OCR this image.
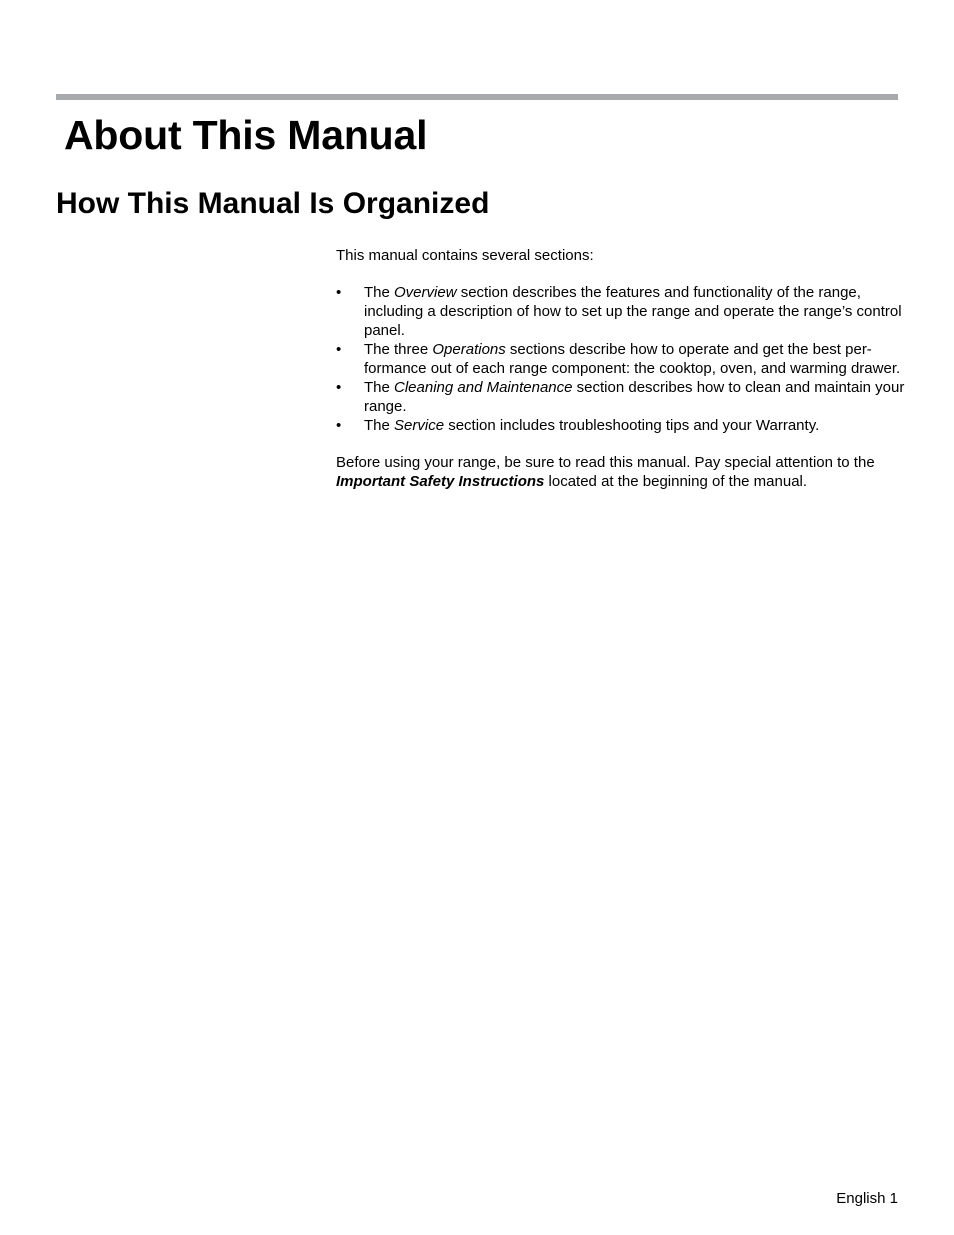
About This Manual
How This Manual Is Organized

This manual contains several sections:

• The Overview section describes the features and functionality of the range, including a description of how to set up the range and operate the range’s control panel.
• The three Operations sections describe how to operate and get the best per-formance out of each range component: the cooktop, oven, and warming drawer.
• The Cleaning and Maintenance section describes how to clean and maintain your range.
• The Service section includes troubleshooting tips and your Warranty.

Before using your range, be sure to read this manual. Pay special attention to the Important Safety Instructions located at the beginning of the manual.

English 1
